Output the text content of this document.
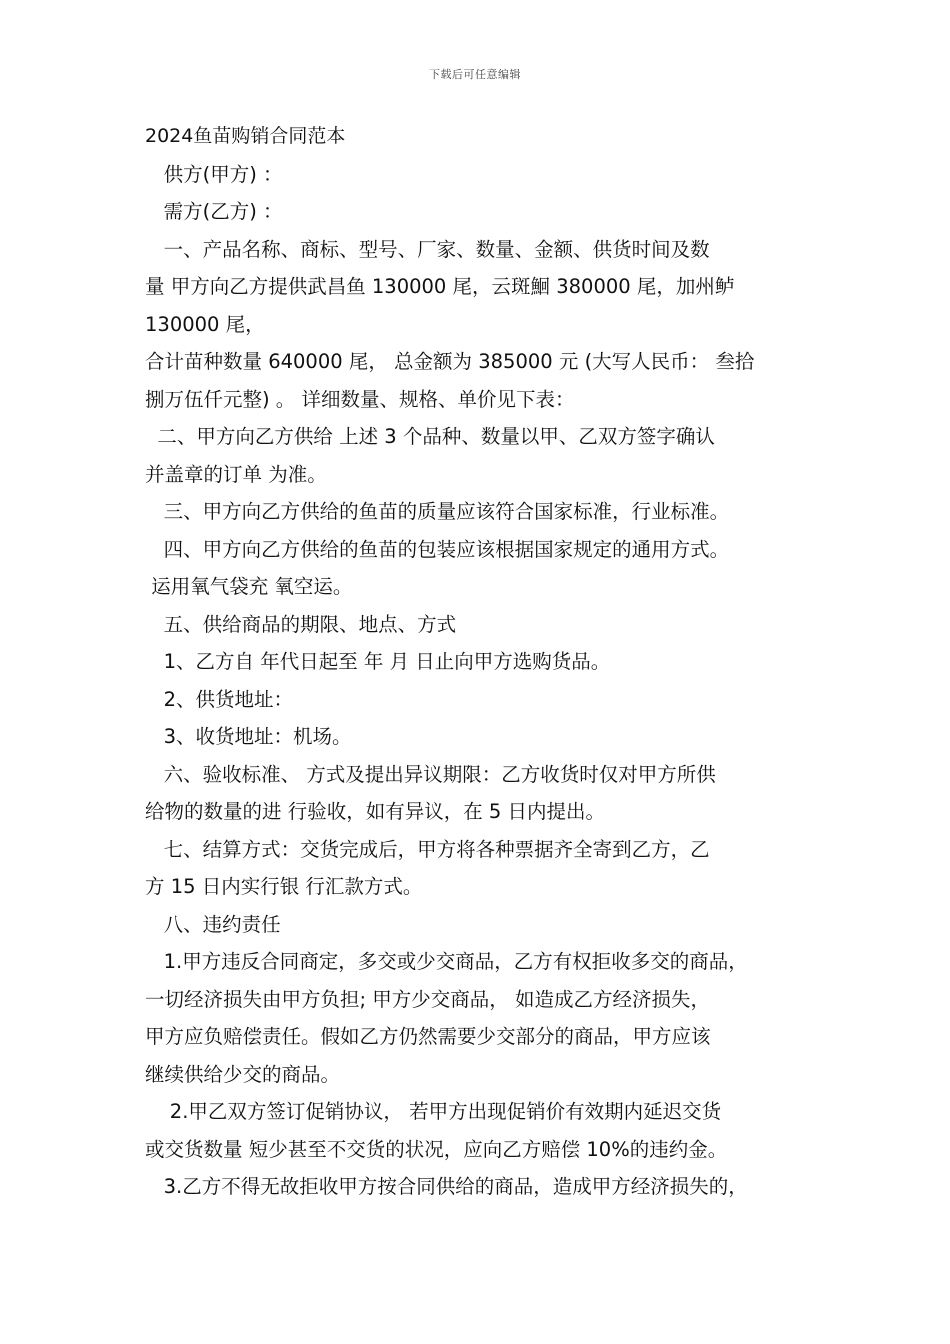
下载后可任意编辑
2024鱼苗购销合同范本
供方(甲方) ：
需方(乙方) ：
一、产品名称、商标、型号、厂家、数量、金额、供货时间及数
量 甲方向乙方提供武昌鱼 130000 尾，云斑鮰 380000 尾，加州鲈
130000 尾，
合计苗种数量 640000 尾， 总金额为 385000 元 (大写人民币： 叁拾
捌万伍仟元整) 。 详细数量、规格、单价见下表：
二、甲方向乙方供给 上述 3 个品种、数量以甲、乙双方签字确认
并盖章的订单 为准。
三、甲方向乙方供给的鱼苗的质量应该符合国家标准，行业标准。
四、甲方向乙方供给的鱼苗的包装应该根据国家规定的通用方式。
运用氧气袋充 氧空运。
五、供给商品的期限、地点、方式
1、乙方自 年代日起至 年 月 日止向甲方选购货品。
2、供货地址：
3、收货地址：机场。
六、验收标准、 方式及提出异议期限：乙方收货时仅对甲方所供
给物的数量的进 行验收，如有异议，在 5 日内提出。
七、结算方式：交货完成后，甲方将各种票据齐全寄到乙方，乙
方 15 日内实行银 行汇款方式。
八、违约责任
1.甲方违反合同商定，多交或少交商品，乙方有权拒收多交的商品，
一切经济损失由甲方负担; 甲方少交商品， 如造成乙方经济损失，
甲方应负赔偿责任。假如乙方仍然需要少交部分的商品，甲方应该
继续供给少交的商品。
2.甲乙双方签订促销协议， 若甲方出现促销价有效期内延迟交货
或交货数量 短少甚至不交货的状况，应向乙方赔偿 10%的违约金。
3.乙方不得无故拒收甲方按合同供给的商品，造成甲方经济损失的，
